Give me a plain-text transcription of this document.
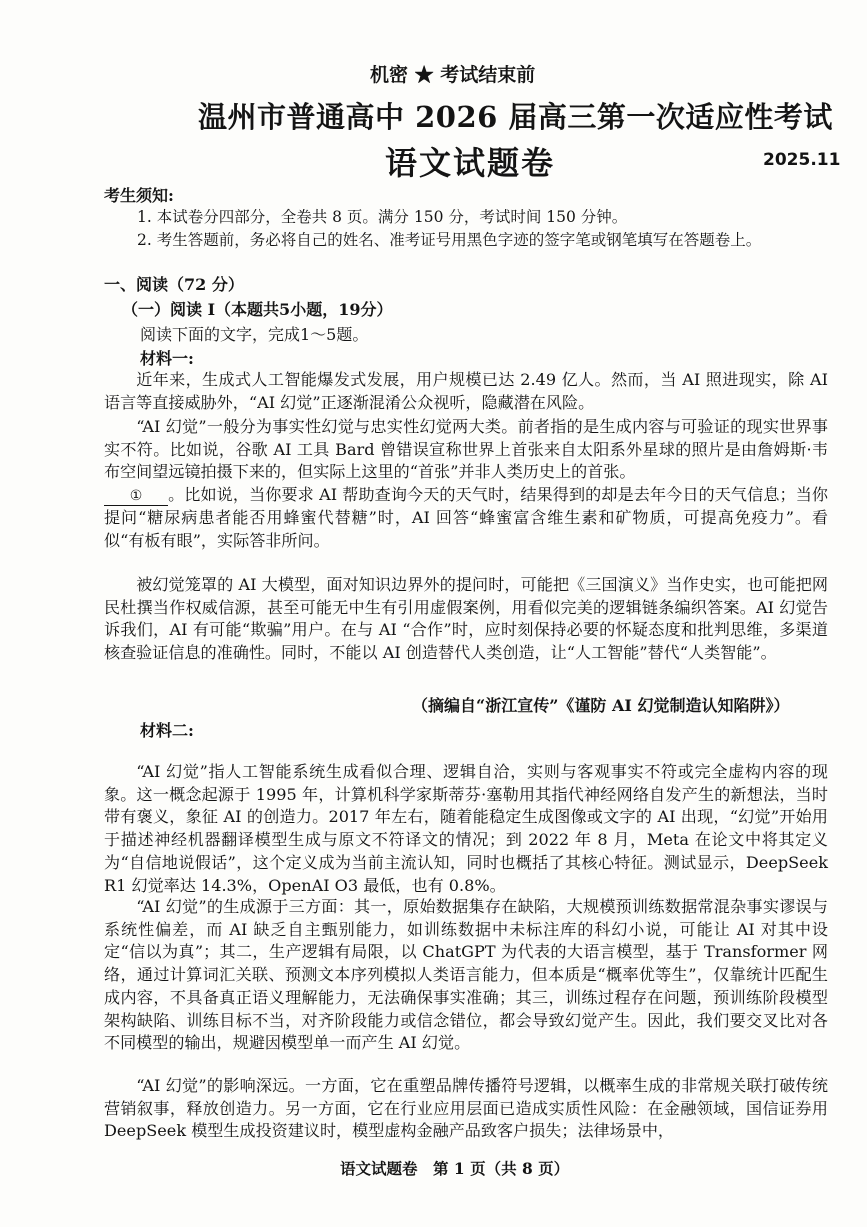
机密 ★ 考试结束前
温州市普通高中 2026 届高三第一次适应性考试
语文试题卷	2025.11
考生须知:
1. 本试卷分四部分，全卷共 8 页。满分 150 分，考试时间 150 分钟。
2. 考生答题前，务必将自己的姓名、准考证号用黑色字迹的签字笔或钢笔填写在答题卷上。
一、阅读（72 分）
（一）阅读 I（本题共5小题，19分）
阅读下面的文字，完成1～5题。
材料一:

近年来，生成式人工智能爆发式发展，用户规模已达 2.49 亿人。然而，当 AI 照进现实，除 AI 语言等直接威胁外，“AI 幻觉”正逐渐混淆公众视听，隐藏潜在风险。

“AI 幻觉”一般分为事实性幻觉与忠实性幻觉两大类。前者指的是生成内容与可验证的现实世界事实不符。比如说，谷歌 AI 工具 Bard 曾错误宣称世界上首张来自太阳系外星球的照片是由詹姆斯·韦布空间望远镜拍摄下来的，但实际上这里的“首张”并非人类历史上的首张。
① 。比如说，当你要求 AI 帮助查询今天的天气时，结果得到的却是去年今日的天气信息；当你提问“糖尿病患者能否用蜂蜜代替糖”时，AI 回答“蜂蜜富含维生素和矿物质，可提高免疫力”。看似“有板有眼”，实际答非所问。

被幻觉笼罩的 AI 大模型，面对知识边界外的提问时，可能把《三国演义》当作史实，也可能把网民杜撰当作权威信源，甚至可能无中生有引用虚假案例，用看似完美的逻辑链条编织答案。AI 幻觉告诉我们，AI 有可能“欺骗”用户。在与 AI “合作”时，应时刻保持必要的怀疑态度和批判思维，多渠道核查验证信息的准确性。同时，不能以 AI 创造替代人类创造，让“人工智能”替代“人类智能”。

（摘编自“浙江宣传”《谨防 AI 幻觉制造认知陷阱》）
材料二:

“AI 幻觉”指人工智能系统生成看似合理、逻辑自洽，实则与客观事实不符或完全虚构内容的现象。这一概念起源于 1995 年，计算机科学家斯蒂芬·塞勒用其指代神经网络自发产生的新想法，当时带有褒义，象征 AI 的创造力。2017 年左右，随着能稳定生成图像或文字的 AI 出现，“幻觉”开始用于描述神经机器翻译模型生成与原文不符译文的情况；到 2022 年 8 月，Meta 在论文中将其定义为“自信地说假话”，这个定义成为当前主流认知，同时也概括了其核心特征。测试显示，DeepSeek R1 幻觉率达 14.3%，OpenAI O3 最低，也有 0.8%。

“AI 幻觉”的生成源于三方面：其一，原始数据集存在缺陷，大规模预训练数据常混杂事实谬误与系统性偏差，而 AI 缺乏自主甄别能力，如训练数据中未标注库的科幻小说，可能让 AI 对其中设定“信以为真”；其二，生产逻辑有局限，以 ChatGPT 为代表的大语言模型，基于 Transformer 网络，通过计算词汇关联、预测文本序列模拟人类语言能力，但本质是“概率优等生”，仅靠统计匹配生成内容，不具备真正语义理解能力，无法确保事实准确；其三，训练过程存在问题，预训练阶段模型架构缺陷、训练目标不当，对齐阶段能力或信念错位，都会导致幻觉产生。因此，我们要交叉比对各不同模型的输出，规避因模型单一而产生 AI 幻觉。

“AI 幻觉”的影响深远。一方面，它在重塑品牌传播符号逻辑，以概率生成的非常规关联打破传统营销叙事，释放创造力。另一方面，它在行业应用层面已造成实质性风险：在金融领域，国信证券用 DeepSeek 模型生成投资建议时，模型虚构金融产品致客户损失；法律场景中，

语文试题卷　第 1 页（共 8 页）
